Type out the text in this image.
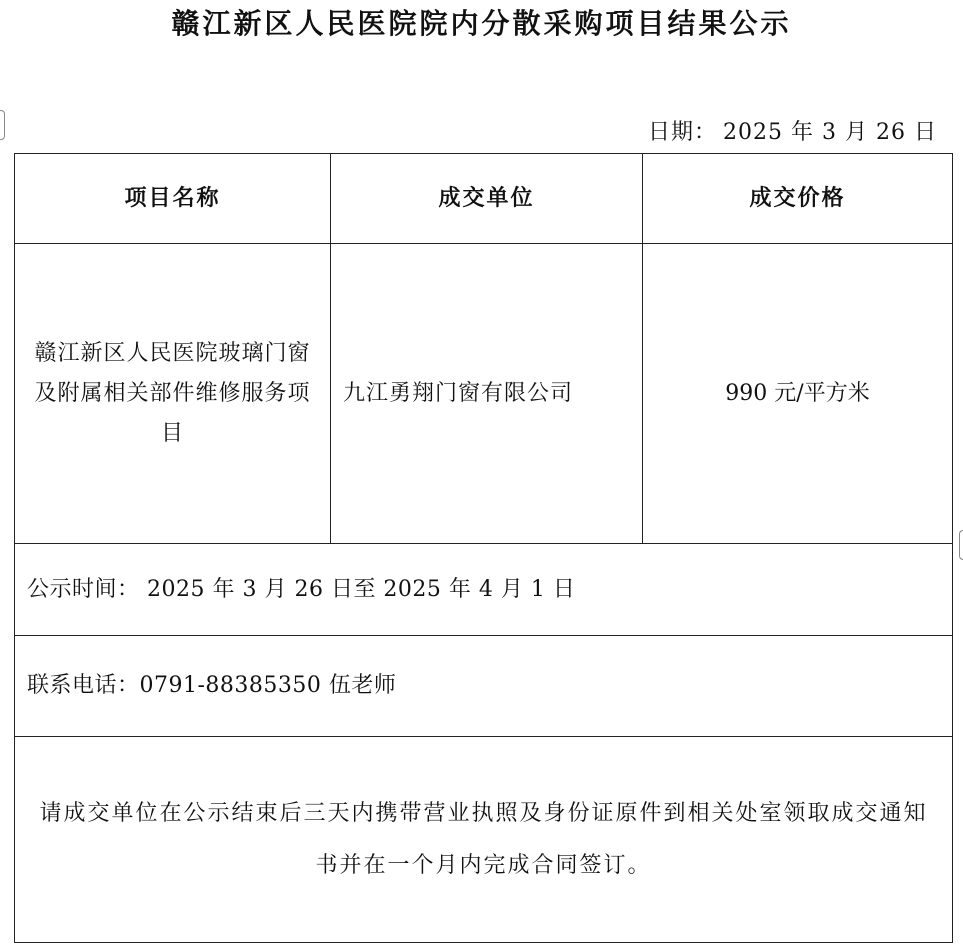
赣江新区人民医院院内分散采购项目结果公示
日期： 2025 年 3 月 26 日
项目名称	成交单位	成交价格
赣江新区人民医院玻璃门窗及附属相关部件维修服务项目	九江勇翔门窗有限公司	990 元/平方米
公示时间： 2025 年 3 月 26 日至 2025 年 4 月 1 日		
联系电话：0791-88385350 伍老师		
请成交单位在公示结束后三天内携带营业执照及身份证原件到相关处室领取成交通知书并在一个月内完成合同签订。		
